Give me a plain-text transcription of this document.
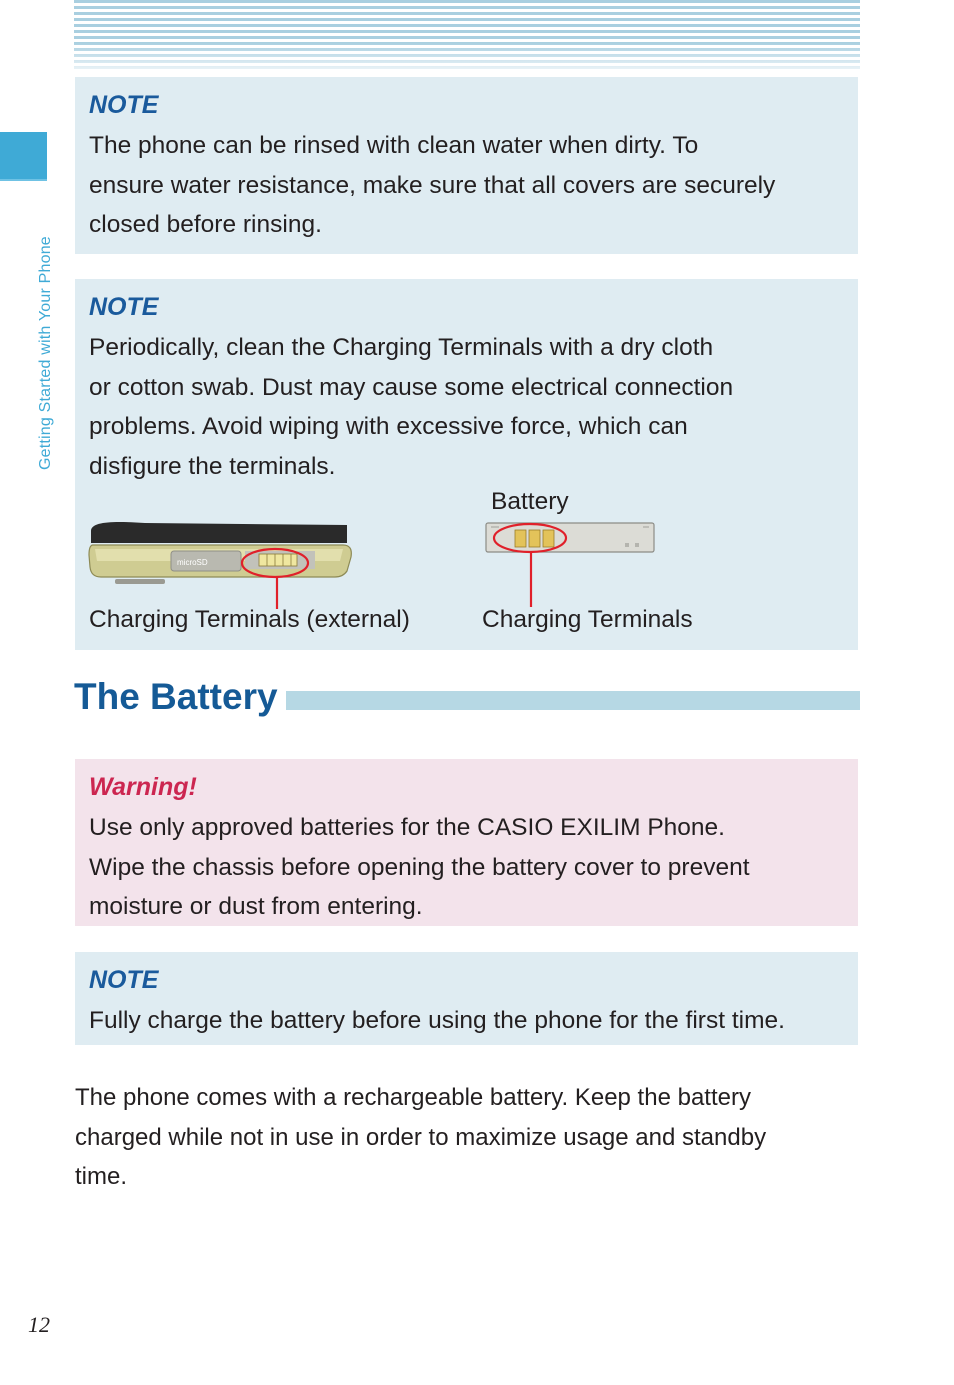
Getting Started with Your Phone
NOTE
The phone can be rinsed with clean water when dirty. To
ensure water resistance, make sure that all covers are securely
closed before rinsing.
NOTE
Periodically, clean the Charging Terminals with a dry cloth
or cotton swab. Dust may cause some electrical connection
problems. Avoid wiping with excessive force, which can
disfigure the terminals.
microSD
Battery
Charging Terminals (external)	Charging Terminals
The Battery
Warning!
Use only approved batteries for the CASIO EXILIM Phone.
Wipe the chassis before opening the battery cover to prevent
moisture or dust from entering.
NOTE
Fully charge the battery before using the phone for the first time.
The phone comes with a rechargeable battery. Keep the battery
charged while not in use in order to maximize usage and standby
time.
12
